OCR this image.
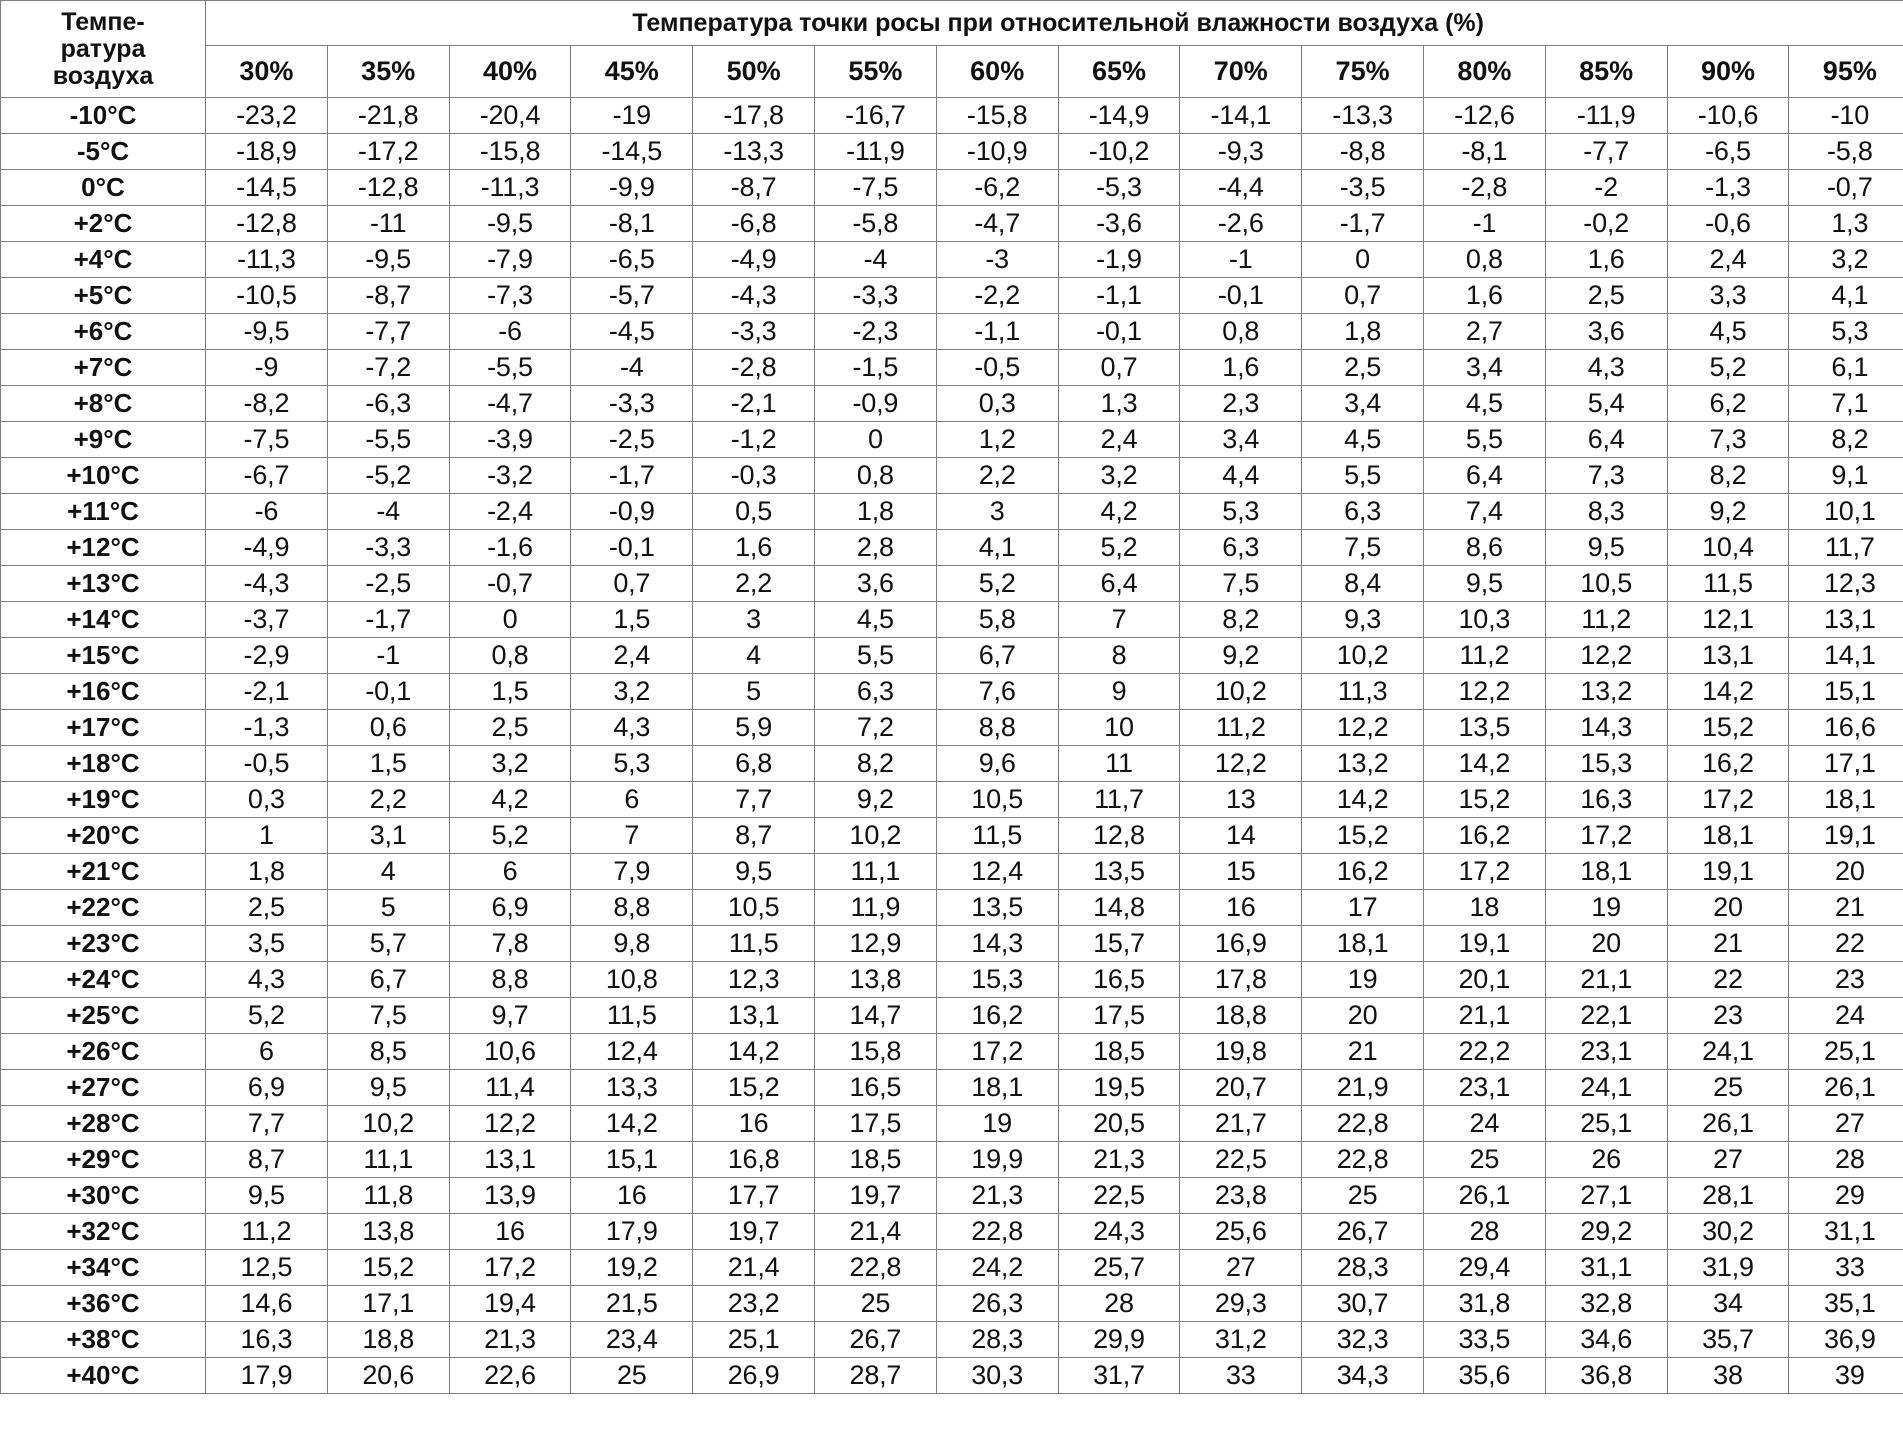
Темпе-
ратура
воздуха	Температура точки росы при относительной влажности воздуха (%)													
	30%	35%	40%	45%	50%	55%	60%	65%	70%	75%	80%	85%	90%	95%
-10°C	-23,2	-21,8	-20,4	-19	-17,8	-16,7	-15,8	-14,9	-14,1	-13,3	-12,6	-11,9	-10,6	-10
-5°C	-18,9	-17,2	-15,8	-14,5	-13,3	-11,9	-10,9	-10,2	-9,3	-8,8	-8,1	-7,7	-6,5	-5,8
0°C	-14,5	-12,8	-11,3	-9,9	-8,7	-7,5	-6,2	-5,3	-4,4	-3,5	-2,8	-2	-1,3	-0,7
+2°C	-12,8	-11	-9,5	-8,1	-6,8	-5,8	-4,7	-3,6	-2,6	-1,7	-1	-0,2	-0,6	1,3
+4°C	-11,3	-9,5	-7,9	-6,5	-4,9	-4	-3	-1,9	-1	0	0,8	1,6	2,4	3,2
+5°C	-10,5	-8,7	-7,3	-5,7	-4,3	-3,3	-2,2	-1,1	-0,1	0,7	1,6	2,5	3,3	4,1
+6°C	-9,5	-7,7	-6	-4,5	-3,3	-2,3	-1,1	-0,1	0,8	1,8	2,7	3,6	4,5	5,3
+7°C	-9	-7,2	-5,5	-4	-2,8	-1,5	-0,5	0,7	1,6	2,5	3,4	4,3	5,2	6,1
+8°C	-8,2	-6,3	-4,7	-3,3	-2,1	-0,9	0,3	1,3	2,3	3,4	4,5	5,4	6,2	7,1
+9°C	-7,5	-5,5	-3,9	-2,5	-1,2	0	1,2	2,4	3,4	4,5	5,5	6,4	7,3	8,2
+10°C	-6,7	-5,2	-3,2	-1,7	-0,3	0,8	2,2	3,2	4,4	5,5	6,4	7,3	8,2	9,1
+11°C	-6	-4	-2,4	-0,9	0,5	1,8	3	4,2	5,3	6,3	7,4	8,3	9,2	10,1
+12°C	-4,9	-3,3	-1,6	-0,1	1,6	2,8	4,1	5,2	6,3	7,5	8,6	9,5	10,4	11,7
+13°C	-4,3	-2,5	-0,7	0,7	2,2	3,6	5,2	6,4	7,5	8,4	9,5	10,5	11,5	12,3
+14°C	-3,7	-1,7	0	1,5	3	4,5	5,8	7	8,2	9,3	10,3	11,2	12,1	13,1
+15°C	-2,9	-1	0,8	2,4	4	5,5	6,7	8	9,2	10,2	11,2	12,2	13,1	14,1
+16°C	-2,1	-0,1	1,5	3,2	5	6,3	7,6	9	10,2	11,3	12,2	13,2	14,2	15,1
+17°C	-1,3	0,6	2,5	4,3	5,9	7,2	8,8	10	11,2	12,2	13,5	14,3	15,2	16,6
+18°C	-0,5	1,5	3,2	5,3	6,8	8,2	9,6	11	12,2	13,2	14,2	15,3	16,2	17,1
+19°C	0,3	2,2	4,2	6	7,7	9,2	10,5	11,7	13	14,2	15,2	16,3	17,2	18,1
+20°C	1	3,1	5,2	7	8,7	10,2	11,5	12,8	14	15,2	16,2	17,2	18,1	19,1
+21°C	1,8	4	6	7,9	9,5	11,1	12,4	13,5	15	16,2	17,2	18,1	19,1	20
+22°C	2,5	5	6,9	8,8	10,5	11,9	13,5	14,8	16	17	18	19	20	21
+23°C	3,5	5,7	7,8	9,8	11,5	12,9	14,3	15,7	16,9	18,1	19,1	20	21	22
+24°C	4,3	6,7	8,8	10,8	12,3	13,8	15,3	16,5	17,8	19	20,1	21,1	22	23
+25°C	5,2	7,5	9,7	11,5	13,1	14,7	16,2	17,5	18,8	20	21,1	22,1	23	24
+26°C	6	8,5	10,6	12,4	14,2	15,8	17,2	18,5	19,8	21	22,2	23,1	24,1	25,1
+27°C	6,9	9,5	11,4	13,3	15,2	16,5	18,1	19,5	20,7	21,9	23,1	24,1	25	26,1
+28°C	7,7	10,2	12,2	14,2	16	17,5	19	20,5	21,7	22,8	24	25,1	26,1	27
+29°C	8,7	11,1	13,1	15,1	16,8	18,5	19,9	21,3	22,5	22,8	25	26	27	28
+30°C	9,5	11,8	13,9	16	17,7	19,7	21,3	22,5	23,8	25	26,1	27,1	28,1	29
+32°C	11,2	13,8	16	17,9	19,7	21,4	22,8	24,3	25,6	26,7	28	29,2	30,2	31,1
+34°C	12,5	15,2	17,2	19,2	21,4	22,8	24,2	25,7	27	28,3	29,4	31,1	31,9	33
+36°C	14,6	17,1	19,4	21,5	23,2	25	26,3	28	29,3	30,7	31,8	32,8	34	35,1
+38°C	16,3	18,8	21,3	23,4	25,1	26,7	28,3	29,9	31,2	32,3	33,5	34,6	35,7	36,9
+40°C	17,9	20,6	22,6	25	26,9	28,7	30,3	31,7	33	34,3	35,6	36,8	38	39
